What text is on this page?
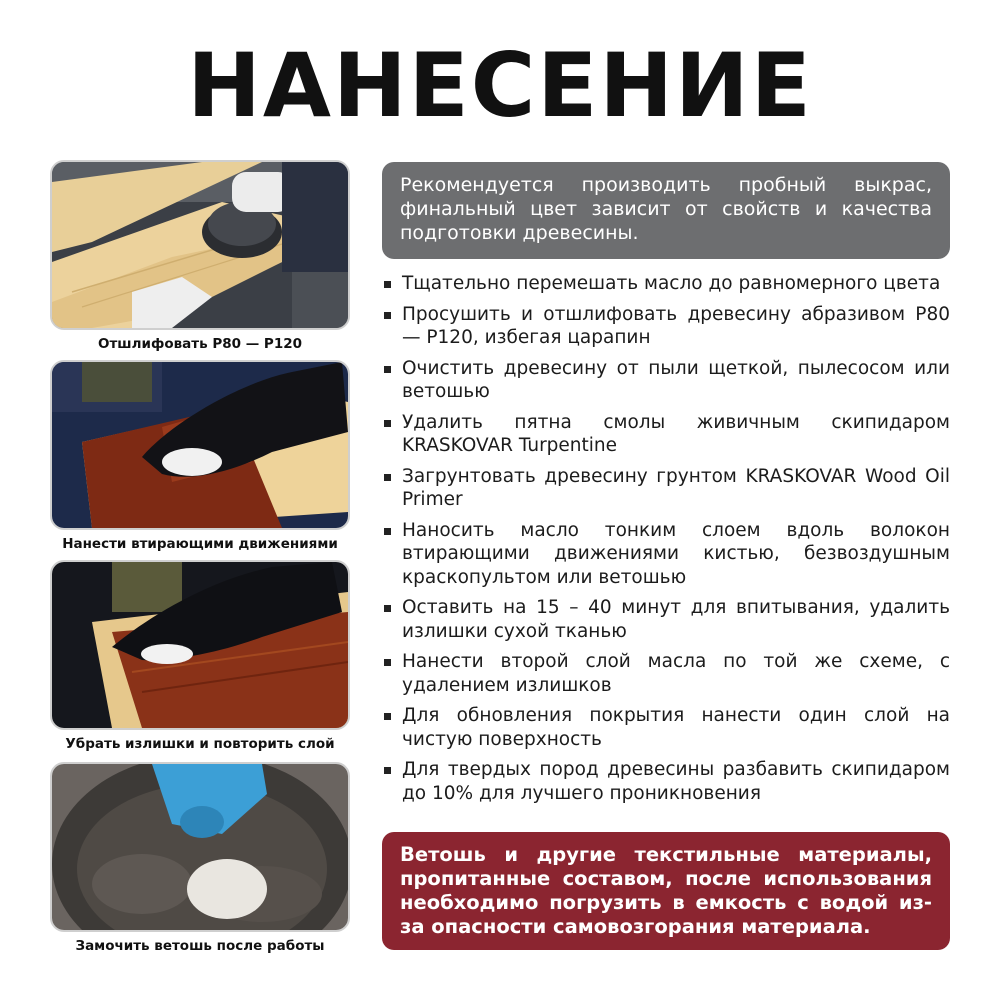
НАНЕСЕНИЕ
Отшлифовать Р80 — Р120
Нанести втирающими движениями
Убрать излишки и повторить слой
Замочить ветошь после работы
Рекомендуется производить пробный выкрас, финальный цвет зависит от свойств и качества подготовки древесины.
Тщательно перемешать масло до равномерного цвета
Просушить и отшлифовать древесину абразивом Р80 — Р120, избегая царапин
Очистить древесину от пыли щеткой, пылесосом или ветошью
Удалить пятна смолы живичным скипидаром KRASKOVAR Turpentine
Загрунтовать древесину грунтом KRASKOVAR Wood Oil Primer
Наносить масло тонким слоем вдоль волокон втирающими движениями кистью, безвоздушным краскопультом или ветошью
Оставить на 15 – 40 минут для впитывания, удалить излишки сухой тканью
Нанести второй слой масла по той же схеме, с удалением излишков
Для обновления покрытия нанести один слой на чистую поверхность
Для твердых пород древесины разбавить скипидаром до 10% для лучшего проникновения
Ветошь и другие текстильные материалы, пропитанные составом, после использования необходимо погрузить в емкость с водой из-за опасности самовозгорания материала.
